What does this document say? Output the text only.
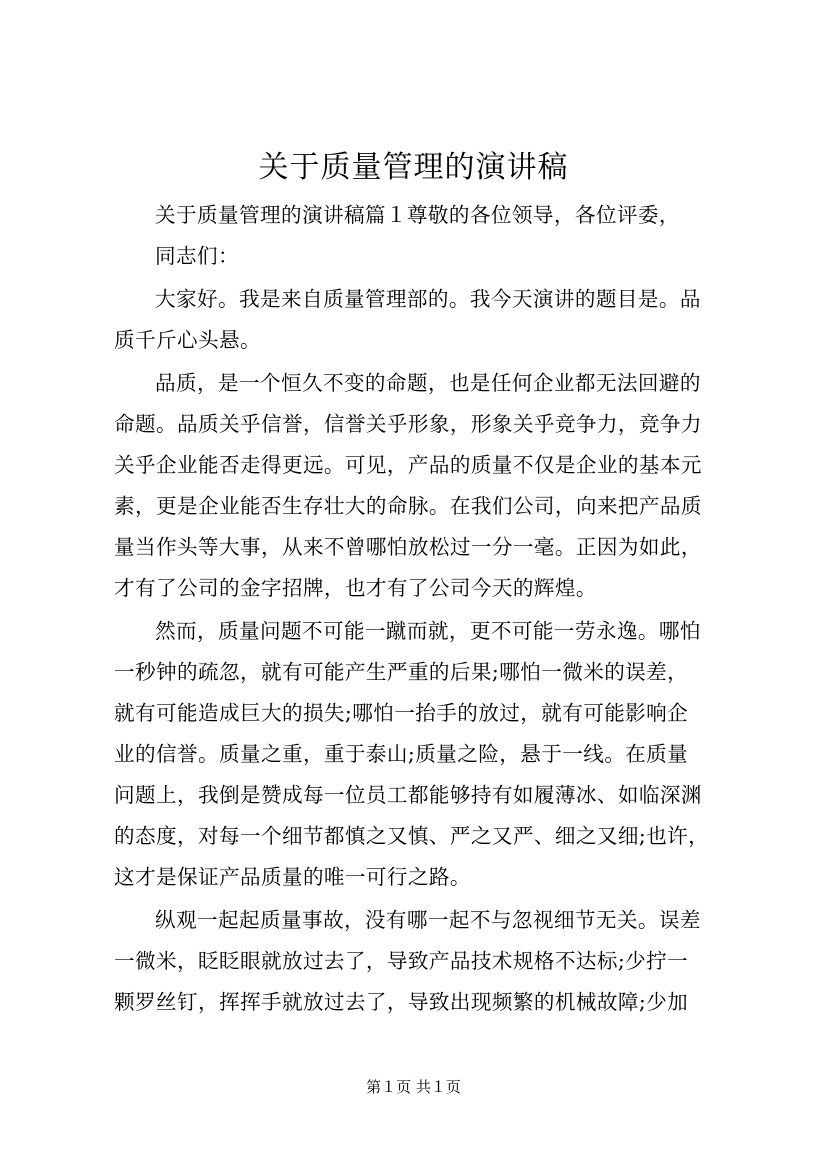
关于质量管理的演讲稿
关于质量管理的演讲稿篇１尊敬的各位领导，各位评委，
同志们：
大家好。我是来自质量管理部的。我今天演讲的题目是。品
质千斤心头悬。
品质，是一个恒久不变的命题，也是任何企业都无法回避的
命题。品质关乎信誉，信誉关乎形象，形象关乎竞争力，竞争力
关乎企业能否走得更远。可见，产品的质量不仅是企业的基本元
素，更是企业能否生存壮大的命脉。在我们公司，向来把产品质
量当作头等大事，从来不曾哪怕放松过一分一毫。正因为如此，
才有了公司的金字招牌，也才有了公司今天的辉煌。
然而，质量问题不可能一蹴而就，更不可能一劳永逸。哪怕
一秒钟的疏忽，就有可能产生严重的后果;哪怕一微米的误差，
就有可能造成巨大的损失;哪怕一抬手的放过，就有可能影响企
业的信誉。质量之重，重于泰山;质量之险，悬于一线。在质量
问题上，我倒是赞成每一位员工都能够持有如履薄冰、如临深渊
的态度，对每一个细节都慎之又慎、严之又严、细之又细;也许，
这才是保证产品质量的唯一可行之路。
纵观一起起质量事故，没有哪一起不与忽视细节无关。误差
一微米，眨眨眼就放过去了，导致产品技术规格不达标;少拧一
颗罗丝钉，挥挥手就放过去了，导致出现频繁的机械故障;少加
第１页 共１页
